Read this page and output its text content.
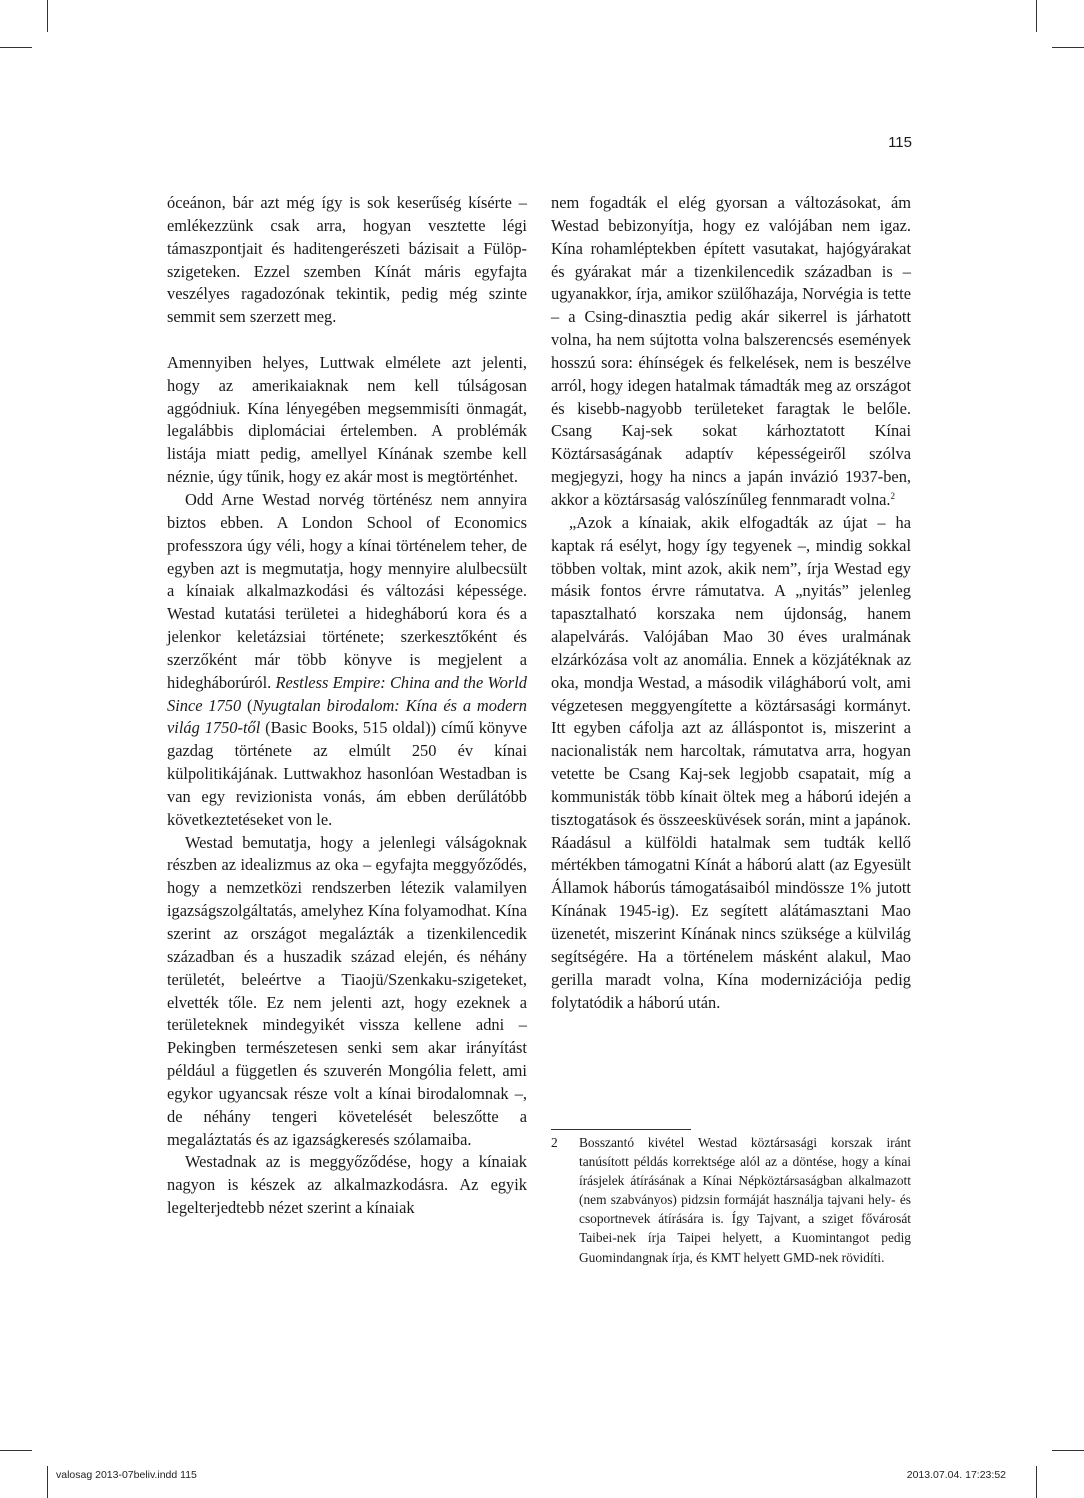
115

óceánon, bár azt még így is sok keserűség kísérte – emlékezzünk csak arra, hogyan vesztette légi támaszpontjait és haditengerészeti bázisait a Fülöp-szigeteken. Ezzel szemben Kínát máris egyfajta veszélyes ragadozónak tekintik, pedig még szinte semmit sem szerzett meg.

Amennyiben helyes, Luttwak elmélete azt jelenti, hogy az amerikaiaknak nem kell túlságosan aggódniuk. Kína lényegében megsemmisíti önmagát, legalábbis diplomáciai értelemben. A problémák listája miatt pedig, amellyel Kínának szembe kell néznie, úgy tűnik, hogy ez akár most is megtörténhet.

Odd Arne Westad norvég történész nem annyira biztos ebben. A London School of Economics professzora úgy véli, hogy a kínai történelem teher, de egyben azt is megmutatja, hogy mennyire alulbecsült a kínaiak alkalmazkodási és változási képessége. Westad kutatási területei a hidegháború kora és a jelenkor keletázsiai története; szerkesztőként és szerzőként már több könyve is megjelent a hidegháborúról. Restless Empire: China and the World Since 1750 (Nyugtalan birodalom: Kína és a modern világ 1750-től (Basic Books, 515 oldal)) című könyve gazdag története az elmúlt 250 év kínai külpolitikájának. Luttwakhoz hasonlóan Westadban is van egy revizionista vonás, ám ebben derűlátóbb következtetéseket von le.

Westad bemutatja, hogy a jelenlegi válságoknak részben az idealizmus az oka – egyfajta meggyőződés, hogy a nemzetközi rendszerben létezik valamilyen igazságszolgáltatás, amelyhez Kína folyamodhat. Kína szerint az országot megalázták a tizenkilencedik században és a huszadik század elején, és néhány területét, beleértve a Tiaojü/Szenkaku-szigeteket, elvették tőle. Ez nem jelenti azt, hogy ezeknek a területeknek mindegyikét vissza kellene adni – Pekingben természetesen senki sem akar irányítást például a független és szuverén Mongólia felett, ami egykor ugyancsak része volt a kínai birodalomnak –, de néhány tengeri követelését beleszőtte a megaláztatás és az igazságkeresés szólamaiba.

Westadnak az is meggyőződése, hogy a kínaiak nagyon is készek az alkalmazkodásra. Az egyik legelterjedtebb nézet szerint a kínaiak

nem fogadták el elég gyorsan a változásokat, ám Westad bebizonyítja, hogy ez valójában nem igaz. Kína rohamléptekben épített vasutakat, hajógyárakat és gyárakat már a tizenkilencedik században is – ugyanakkor, írja, amikor szülőhazája, Norvégia is tette – a Csing-dinasztia pedig akár sikerrel is járhatott volna, ha nem sújtotta volna balszerencsés események hosszú sora: éhínségek és felkelések, nem is beszélve arról, hogy idegen hatalmak támadták meg az országot és kisebb-nagyobb területeket faragtak le belőle. Csang Kaj-sek sokat kárhoztatott Kínai Köztársaságának adaptív képességeiről szólva megjegyzi, hogy ha nincs a japán invázió 1937-ben, akkor a köztársaság valószínűleg fennmaradt volna.$^2$

„Azok a kínaiak, akik elfogadták az újat – ha kaptak rá esélyt, hogy így tegyenek –, mindig sokkal többen voltak, mint azok, akik nem”, írja Westad egy másik fontos érvre rámutatva. A „nyitás” jelenleg tapasztalható korszaka nem újdonság, hanem alapelvárás. Valójában Mao 30 éves uralmának elzárkózása volt az anomália. Ennek a közjátéknak az oka, mondja Westad, a második világháború volt, ami végzetesen meggyengítette a köztársasági kormányt. Itt egyben cáfolja azt az álláspontot is, miszerint a nacionalisták nem harcoltak, rámutatva arra, hogyan vetette be Csang Kaj-sek legjobb csapatait, míg a kommunisták több kínait öltek meg a háború idején a tisztogatások és összeesküvések során, mint a japánok. Ráadásul a külföldi hatalmak sem tudták kellő mértékben támogatni Kínát a háború alatt (az Egyesült Államok háborús támogatásaiból mindössze 1% jutott Kínának 1945-ig). Ez segített alátámasztani Mao üzenetét, miszerint Kínának nincs szüksége a külvilág segítségére. Ha a történelem másként alakul, Mao gerilla maradt volna, Kína modernizációja pedig folytatódik a háború után.

2	Bosszantó kivétel Westad köztársasági korszak iránt tanúsított példás korrektsége alól az a döntése, hogy a kínai írásjelek átírásának a Kínai Népköztársaságban alkalmazott (nem szabványos) pidzsin formáját használja tajvani hely- és csoportnevek átírására is. Így Tajvant, a sziget fővárosát Taibei-nek írja Taipei helyett, a Kuomintangot pedig Guomindangnak írja, és KMT helyett GMD-nek rövidíti.
valosag 2013-07beliv.indd 115	2013.07.04. 17:23:52
